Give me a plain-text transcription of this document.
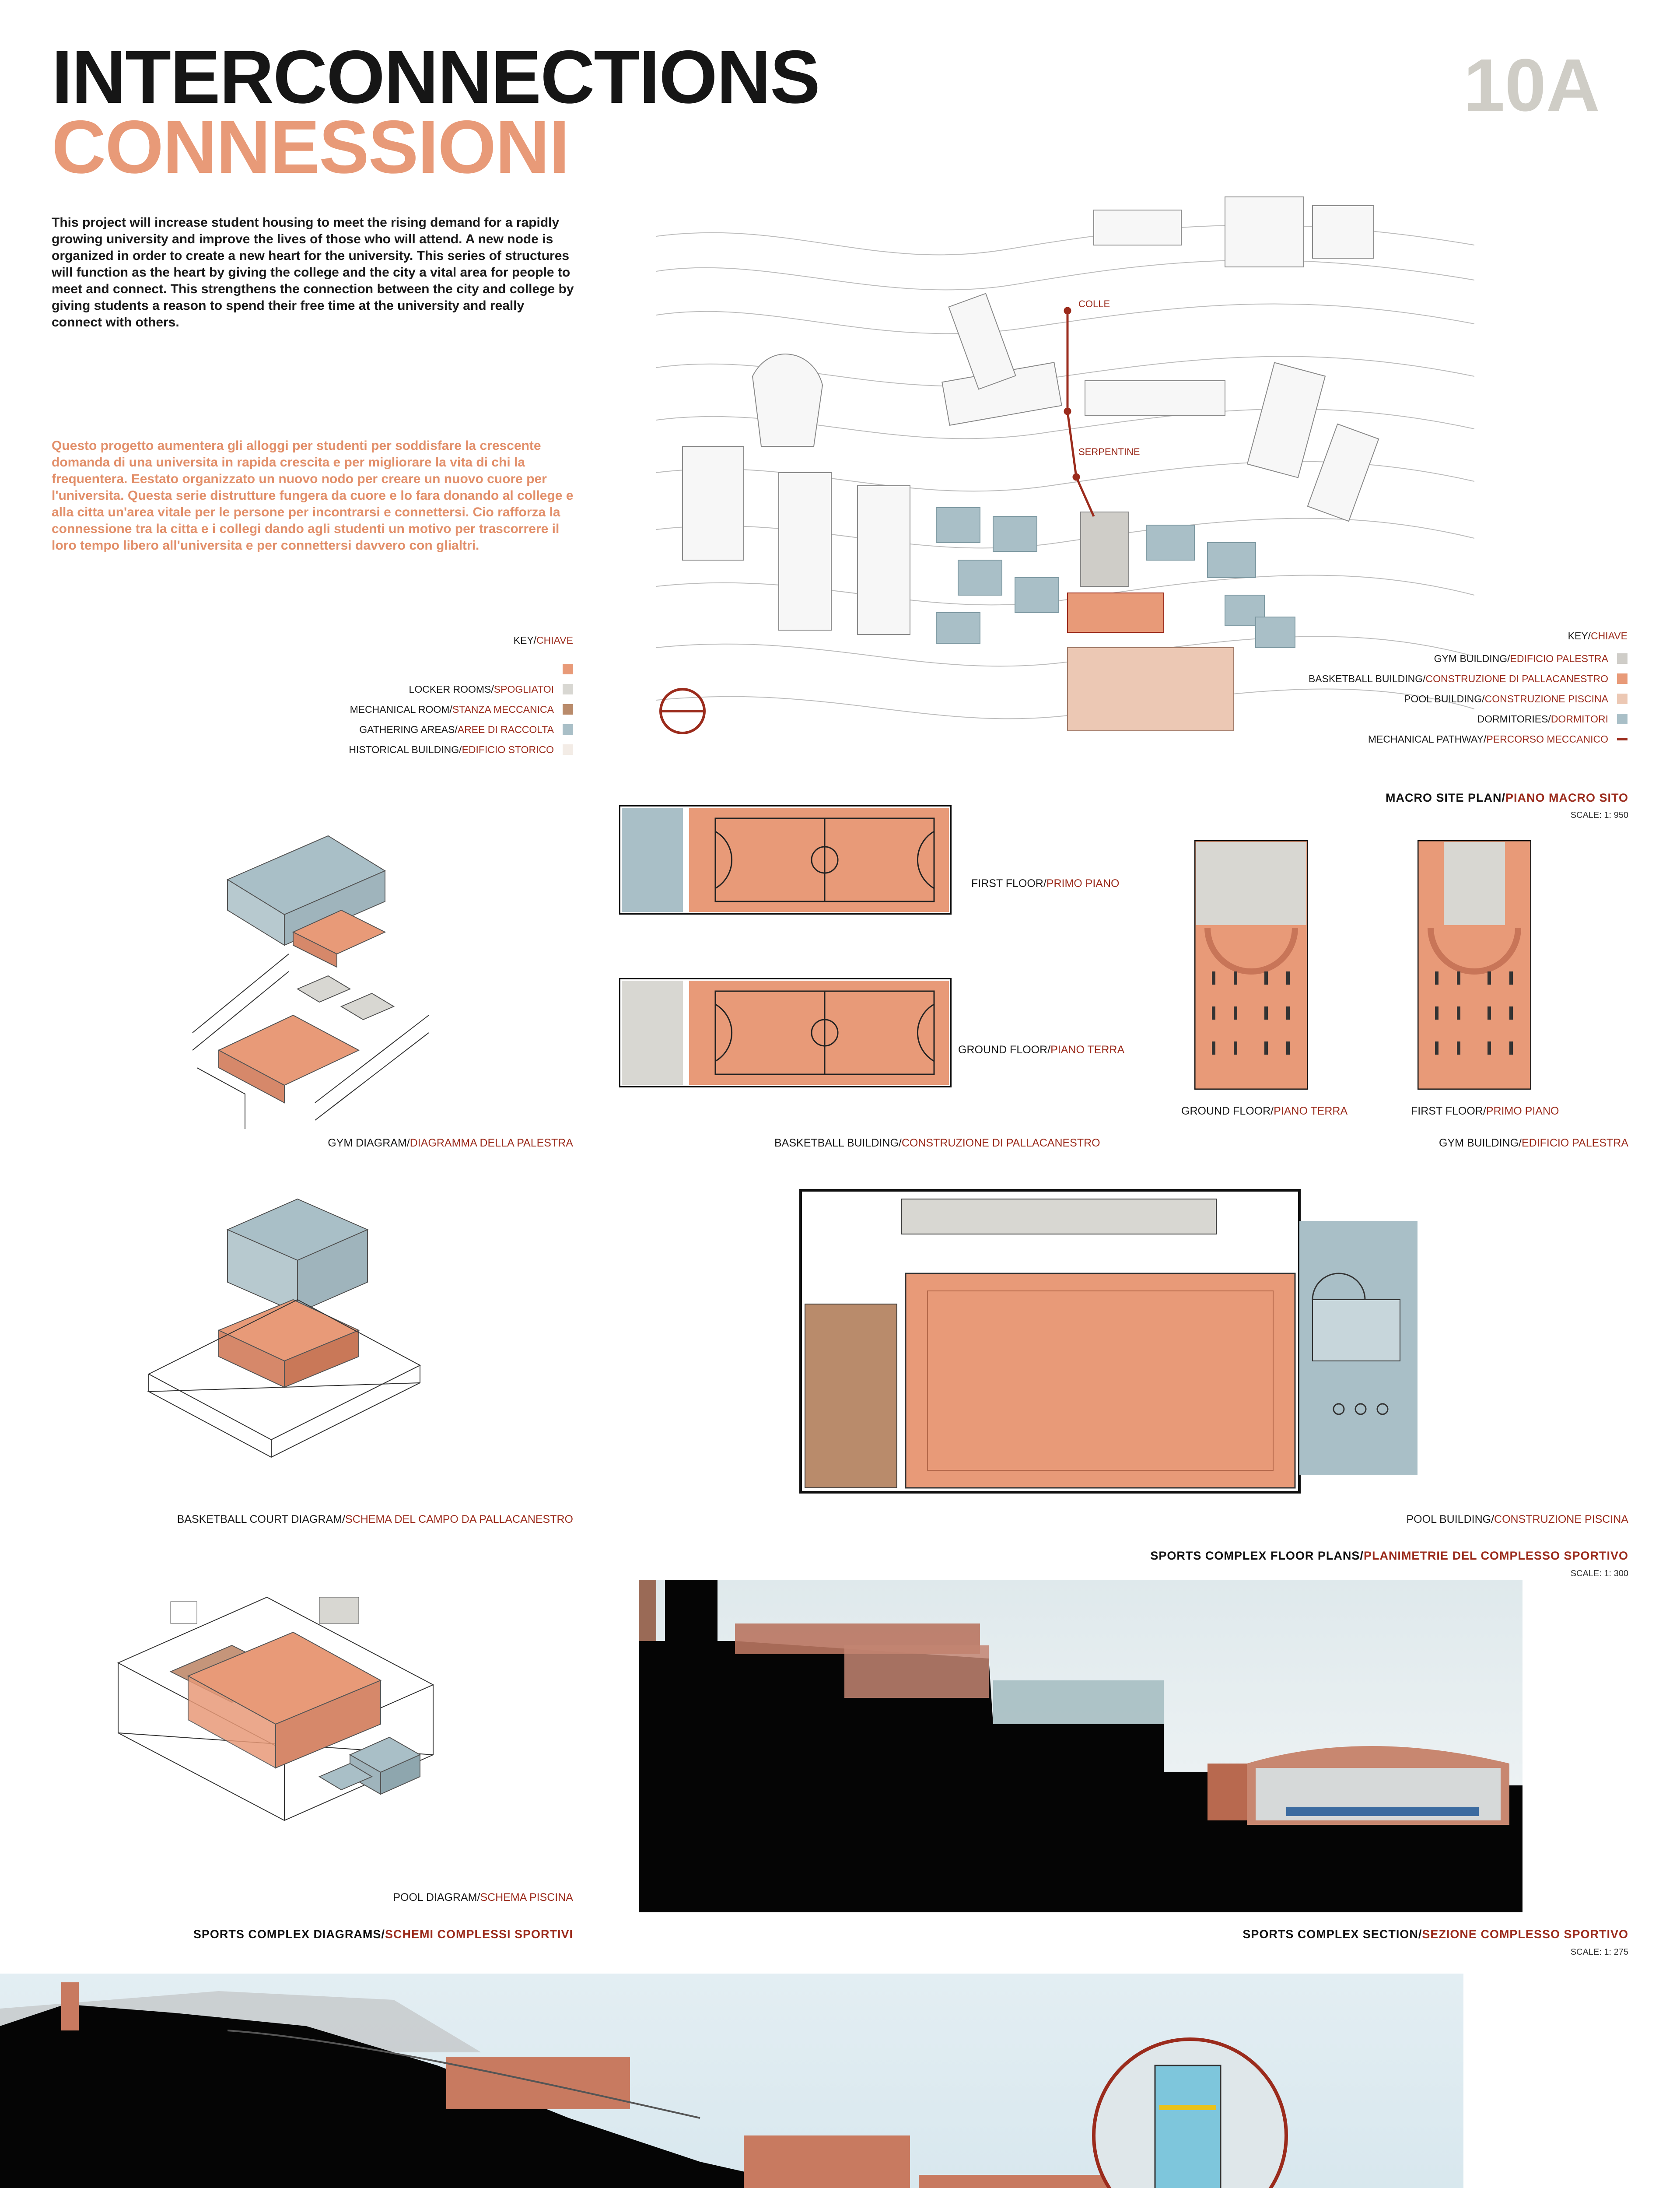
INTERCONNECTIONS
CONNESSIONI
10A
This project will increase student housing to meet the rising demand for a rapidly growing university and improve the lives of those who will attend. A new node is organized in order to create a new heart for the university. This series of structures will function as the heart by giving the college and the city a vital area for people to meet and connect. This strengthens the connection between the city and college by giving students a reason to spend their free time at the university and really connect with others.
Questo progetto aumentera gli alloggi per studenti per soddisfare la crescente domanda di una universita in rapida crescita e per migliorare la vita di chi la frequentera. Eestato organizzato un nuovo nodo per creare un nuovo cuore per l'universita. Questa serie distrutture fungera da cuore e lo fara donando al college e alla citta un'area vitale per le persone per incontrarsi e connettersi. Cio rafforza la connessione tra la citta e i collegi dando agli studenti un motivo per trascorrere il loro tempo libero all'universita e per connettersi davvero con glialtri.
KEY/CHIAVE
LOCKER ROOMS/SPOGLIATOI
MECHANICAL ROOM/STANZA MECCANICA
GATHERING AREAS/AREE DI RACCOLTA
HISTORICAL BUILDING/EDIFICIO STORICO
COLLE
SERPENTINE
KEY/CHIAVE
GYM BUILDING/EDIFICIO PALESTRA
BASKETBALL BUILDING/CONSTRUZIONE DI PALLACANESTRO
POOL BUILDING/CONSTRUZIONE PISCINA
DORMITORIES/DORMITORI
MECHANICAL PATHWAY/PERCORSO MECCANICO
MACRO SITE PLAN/PIANO MACRO SITO
SCALE: 1: 950
GYM DIAGRAM/DIAGRAMMA DELLA PALESTRA
FIRST FLOOR/PRIMO PIANO
GROUND FLOOR/PIANO TERRA
BASKETBALL BUILDING/CONSTRUZIONE DI PALLACANESTRO
GROUND FLOOR/PIANO TERRA	FIRST FLOOR/PRIMO PIANO
GYM BUILDING/EDIFICIO PALESTRA
BASKETBALL COURT DIAGRAM/SCHEMA DEL CAMPO DA PALLACANESTRO	POOL BUILDING/CONSTRUZIONE PISCINA
SPORTS COMPLEX FLOOR PLANS/PLANIMETRIE DEL COMPLESSO SPORTIVO
SCALE: 1: 300
POOL DIAGRAM/SCHEMA PISCINA
SPORTS COMPLEX DIAGRAMS/SCHEMI COMPLESSI SPORTIVI	SPORTS COMPLEX SECTION/SEZIONE COMPLESSO SPORTIVO
SCALE: 1: 275
